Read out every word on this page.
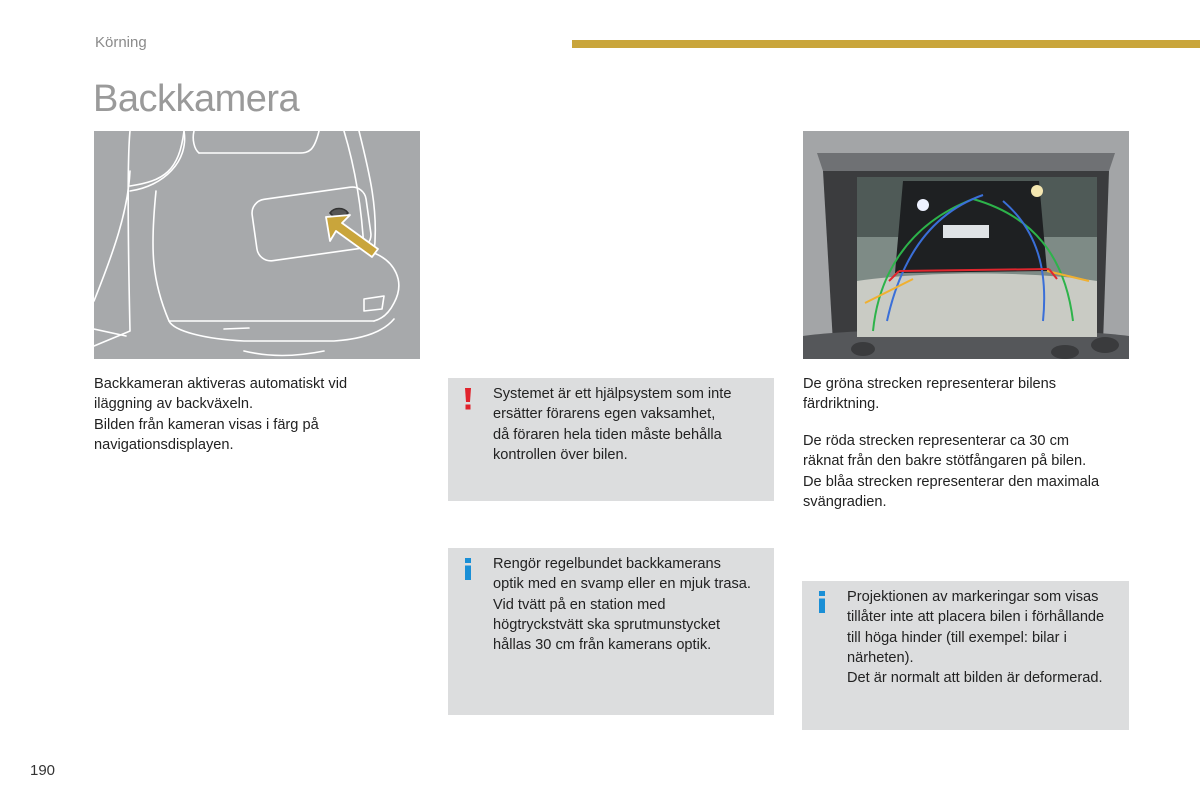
Körning
Backkamera

Backkameran aktiveras automatiskt vid

iläggning av backväxeln.

Bilden från kameran visas i färg på

navigationsdisplayen.

Systemet är ett hjälpsystem som inte

ersätter förarens egen vaksamhet,

då föraren hela tiden måste behålla

kontrollen över bilen.

Rengör regelbundet backkamerans

optik med en svamp eller en mjuk trasa.

Vid tvätt på en station med

högtryckstvätt ska sprutmunstycket

hållas 30 cm från kamerans optik.

De gröna strecken representerar bilens

färdriktning.

De röda strecken representerar ca 30 cm

räknat från den bakre stötfångaren på bilen.

De blåa strecken representerar den maximala

svängradien.

Projektionen av markeringar som visas

tillåter inte att placera bilen i förhållande

till höga hinder (till exempel: bilar i

närheten).

Det är normalt att bilden är deformerad.

190
